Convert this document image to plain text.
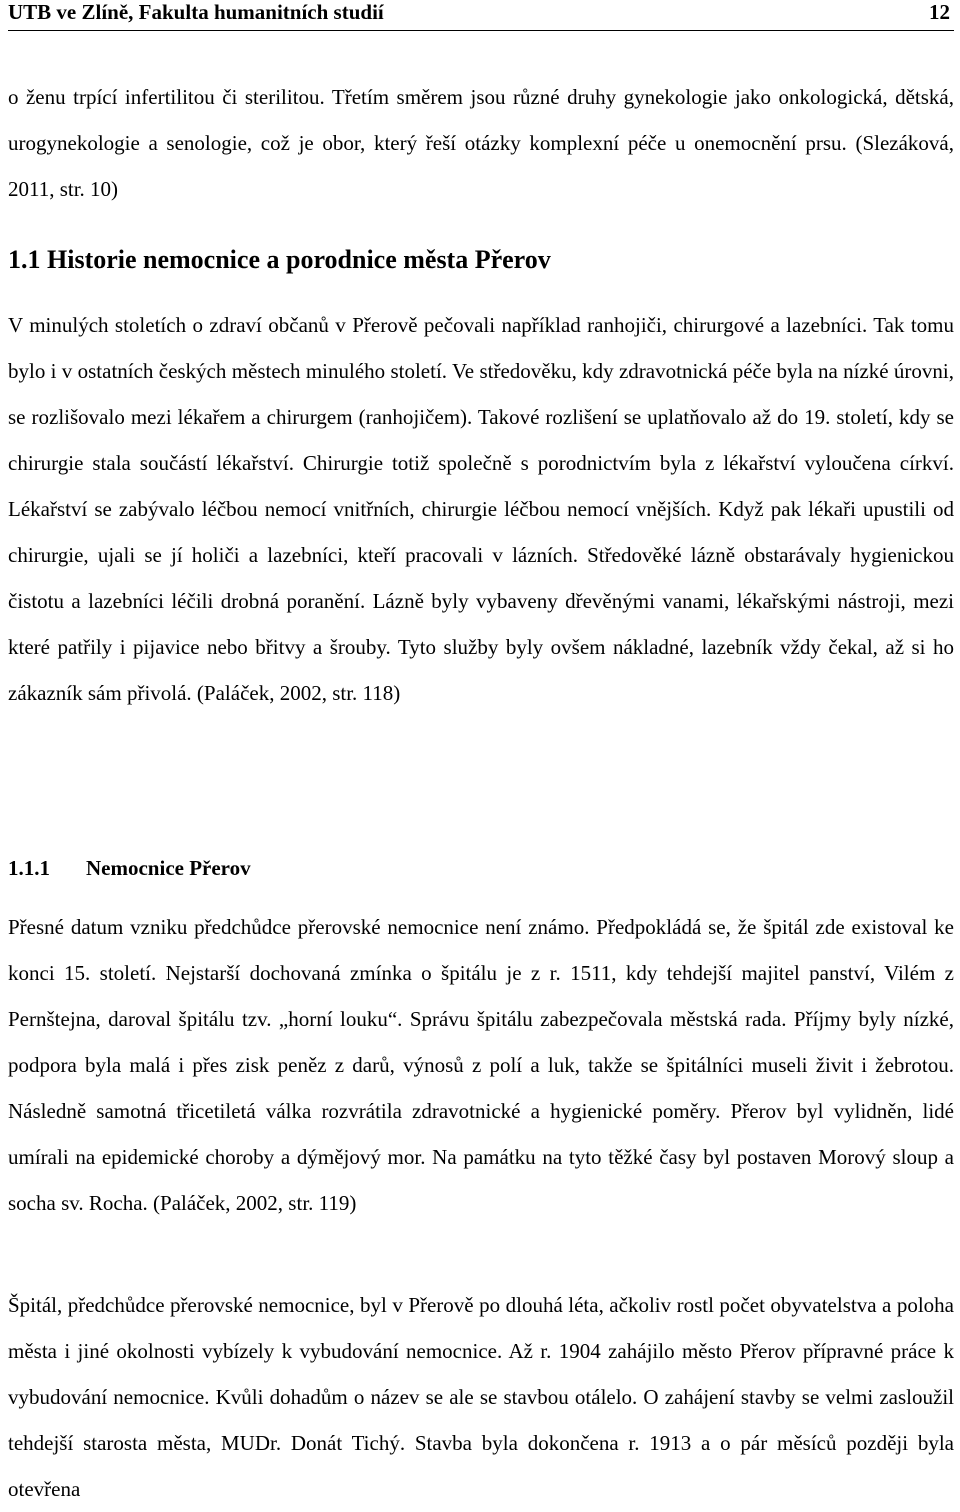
UTB ve Zlíně, Fakulta humanitních studií	12

o ženu trpící infertilitou či sterilitou. Třetím směrem jsou různé druhy gynekologie jako onkologická, dětská, urogynekologie a senologie, což je obor, který řeší otázky komplexní péče u onemocnění prsu. (Slezáková, 2011, str. 10)

1.1 Historie nemocnice a porodnice města Přerov

V minulých stoletích o zdraví občanů v Přerově pečovali například ranhojiči, chirurgové a lazebníci. Tak tomu bylo i v ostatních českých městech minulého století. Ve středověku, kdy zdravotnická péče byla na nízké úrovni, se rozlišovalo mezi lékařem a chirurgem (ranhojičem). Takové rozlišení se uplatňovalo až do 19. století, kdy se chirurgie stala součástí lékařství. Chirurgie totiž společně s porodnictvím byla z lékařství vyloučena církví. Lékařství se zabývalo léčbou nemocí vnitřních, chirurgie léčbou nemocí vnějších. Když pak lékaři upustili od chirurgie, ujali se jí holiči a lazebníci, kteří pracovali v lázních. Středověké lázně obstarávaly hygienickou čistotu a lazebníci léčili drobná poranění. Lázně byly vybaveny dřevěnými vanami, lékařskými nástroji, mezi které patřily i pijavice nebo břitvy a šrouby. Tyto služby byly ovšem nákladné, lazebník vždy čekal, až si ho zákazník sám přivolá. (Paláček, 2002, str. 118)

1.1.1 Nemocnice Přerov

Přesné datum vzniku předchůdce přerovské nemocnice není známo. Předpokládá se, že špitál zde existoval ke konci 15. století. Nejstarší dochovaná zmínka o špitálu je z r. 1511, kdy tehdejší majitel panství, Vilém z Pernštejna, daroval špitálu tzv. „horní louku“. Správu špitálu zabezpečovala městská rada. Příjmy byly nízké, podpora byla malá i přes zisk peněz z darů, výnosů z polí a luk, takže se špitálníci museli živit i žebrotou. Následně samotná třicetiletá válka rozvrátila zdravotnické a hygienické poměry. Přerov byl vylidněn, lidé umírali na epidemické choroby a dýmějový mor. Na památku na tyto těžké časy byl postaven Morový sloup a socha sv. Rocha. (Paláček, 2002, str. 119)

Špitál, předchůdce přerovské nemocnice, byl v Přerově po dlouhá léta, ačkoliv rostl počet obyvatelstva a poloha města i jiné okolnosti vybízely k vybudování nemocnice. Až r. 1904 zahájilo město Přerov přípravné práce k vybudování nemocnice. Kvůli dohadům o název se ale se stavbou otálelo. O zahájení stavby se velmi zasloužil tehdejší starosta města, MUDr. Donát Tichý. Stavba byla dokončena r. 1913 a o pár měsíců později byla otevřena
